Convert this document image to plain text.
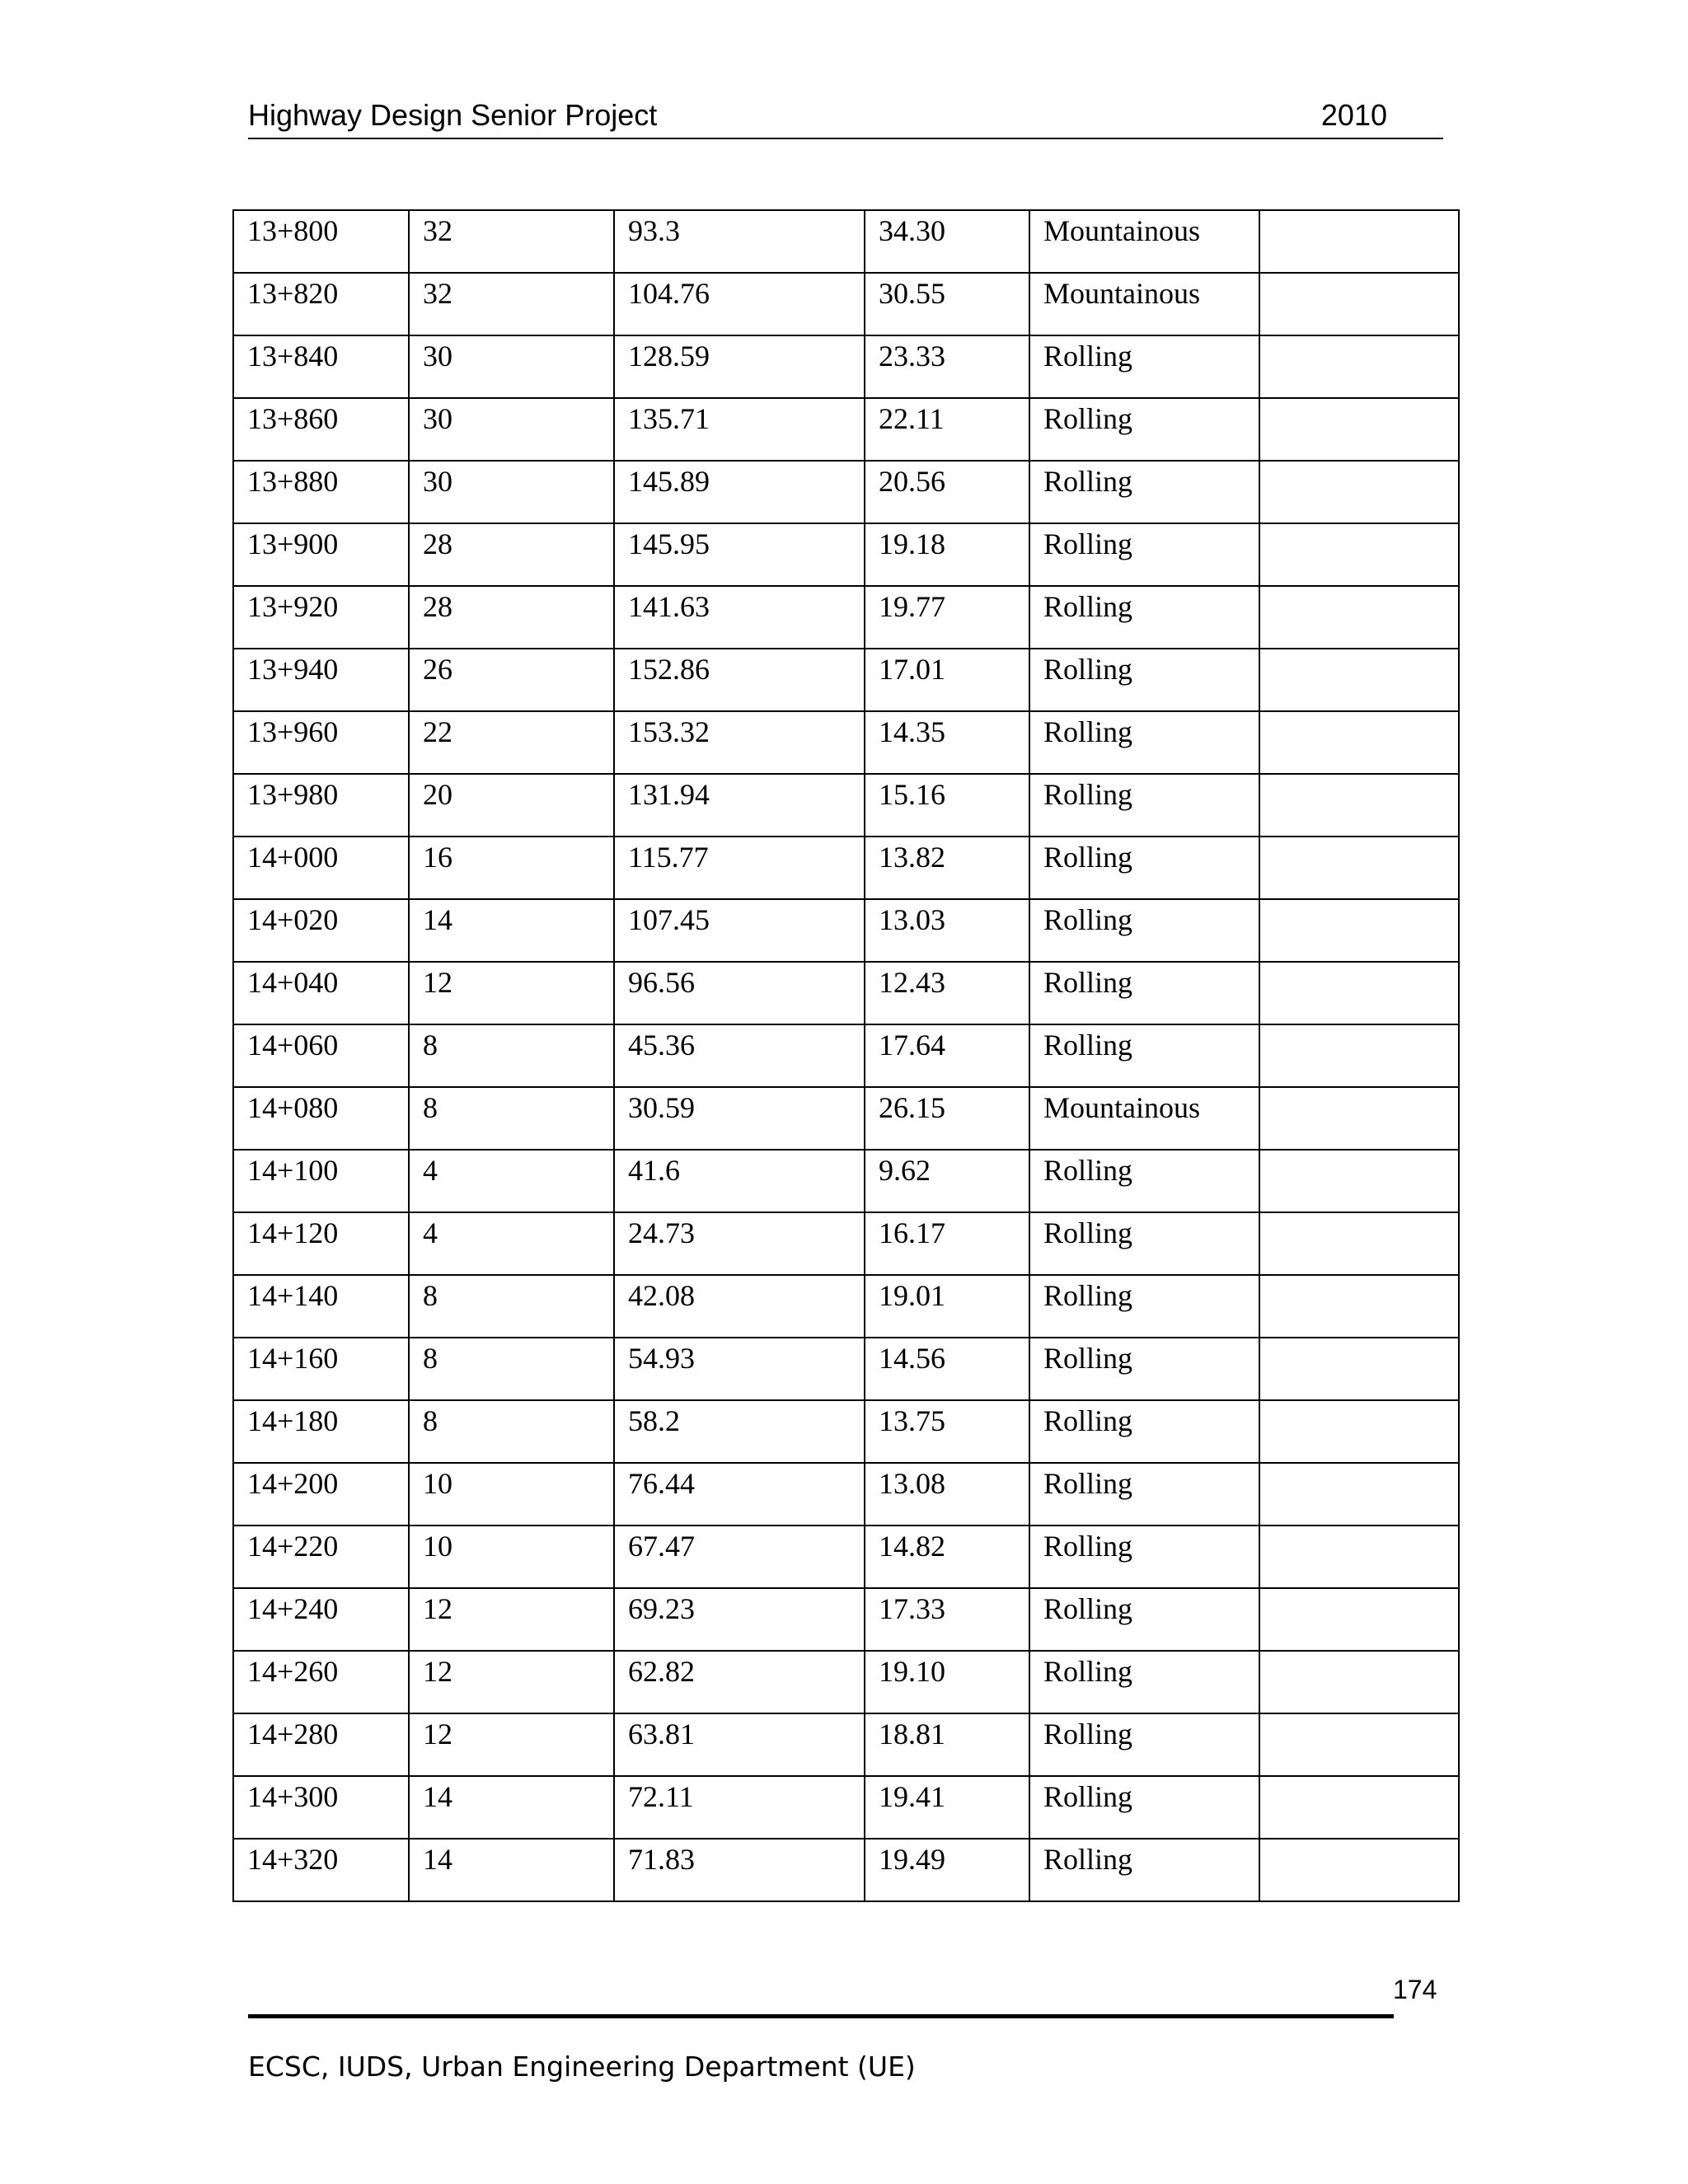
Highway Design Senior Project	2010
13+800	32	93.3	34.30	Mountainous	
13+820	32	104.76	30.55	Mountainous	
13+840	30	128.59	23.33	Rolling	
13+860	30	135.71	22.11	Rolling	
13+880	30	145.89	20.56	Rolling	
13+900	28	145.95	19.18	Rolling	
13+920	28	141.63	19.77	Rolling	
13+940	26	152.86	17.01	Rolling	
13+960	22	153.32	14.35	Rolling	
13+980	20	131.94	15.16	Rolling	
14+000	16	115.77	13.82	Rolling	
14+020	14	107.45	13.03	Rolling	
14+040	12	96.56	12.43	Rolling	
14+060	8	45.36	17.64	Rolling	
14+080	8	30.59	26.15	Mountainous	
14+100	4	41.6	9.62	Rolling	
14+120	4	24.73	16.17	Rolling	
14+140	8	42.08	19.01	Rolling	
14+160	8	54.93	14.56	Rolling	
14+180	8	58.2	13.75	Rolling	
14+200	10	76.44	13.08	Rolling	
14+220	10	67.47	14.82	Rolling	
14+240	12	69.23	17.33	Rolling	
14+260	12	62.82	19.10	Rolling	
14+280	12	63.81	18.81	Rolling	
14+300	14	72.11	19.41	Rolling	
14+320	14	71.83	19.49	Rolling	
174
ECSC, IUDS, Urban Engineering Department (UE)
